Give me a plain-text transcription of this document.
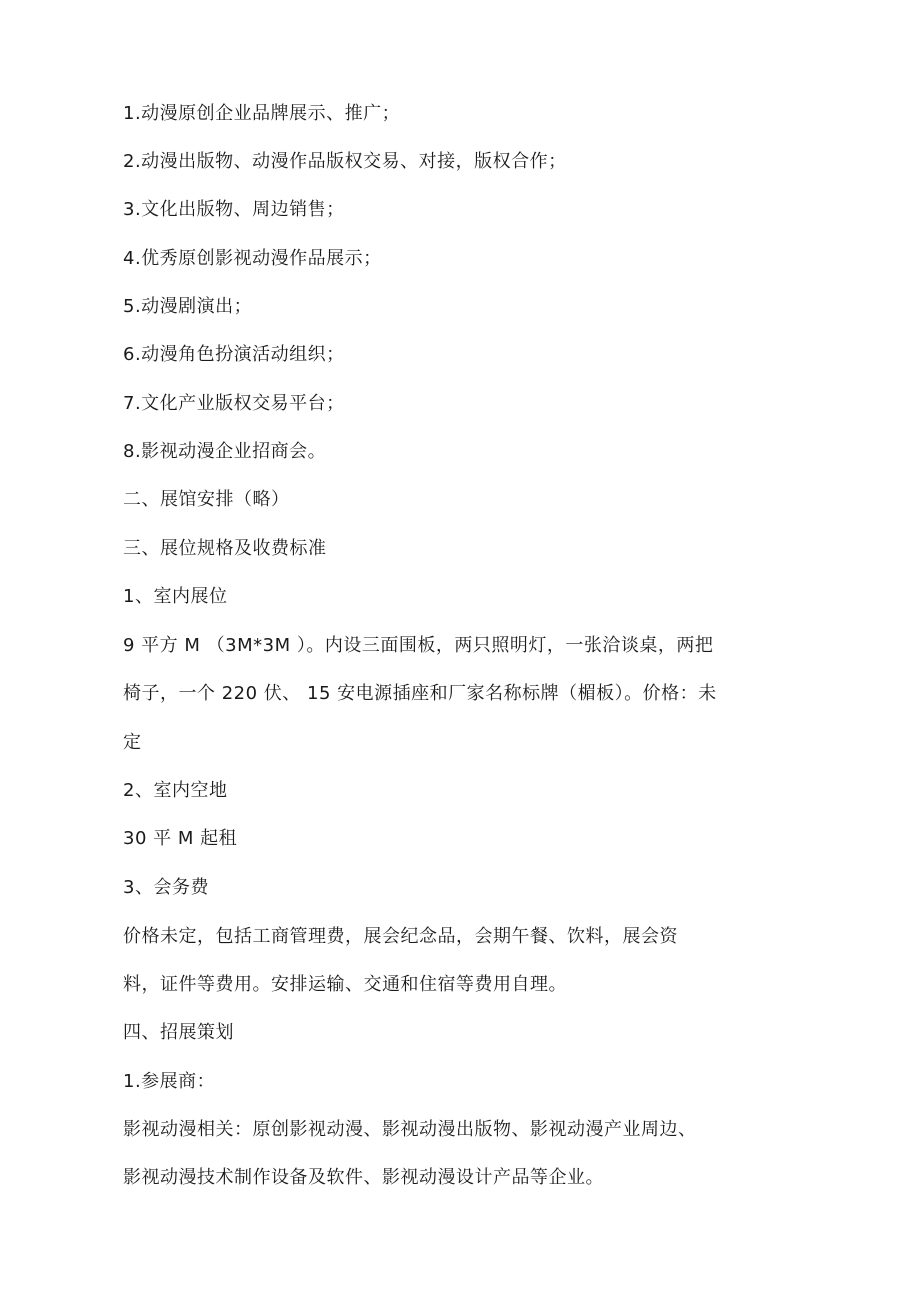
1.动漫原创企业品牌展示、推广；
2.动漫出版物、动漫作品版权交易、对接，版权合作；
3.文化出版物、周边销售；
4.优秀原创影视动漫作品展示；
5.动漫剧演出；
6.动漫角色扮演活动组织；
7.文化产业版权交易平台；
8.影视动漫企业招商会。
二、展馆安排（略）
三、展位规格及收费标准
1、室内展位
9 平方 M （3M*3M ）。内设三面围板，两只照明灯，一张洽谈桌，两把
椅子，一个 220 伏、 15 安电源插座和厂家名称标牌（楣板）。价格：未
定
2、室内空地
30 平 M 起租
3、会务费
价格未定，包括工商管理费，展会纪念品，会期午餐、饮料，展会资
料，证件等费用。安排运输、交通和住宿等费用自理。
四、招展策划
1.参展商：
影视动漫相关：原创影视动漫、影视动漫出版物、影视动漫产业周边、
影视动漫技术制作设备及软件、影视动漫设计产品等企业。
